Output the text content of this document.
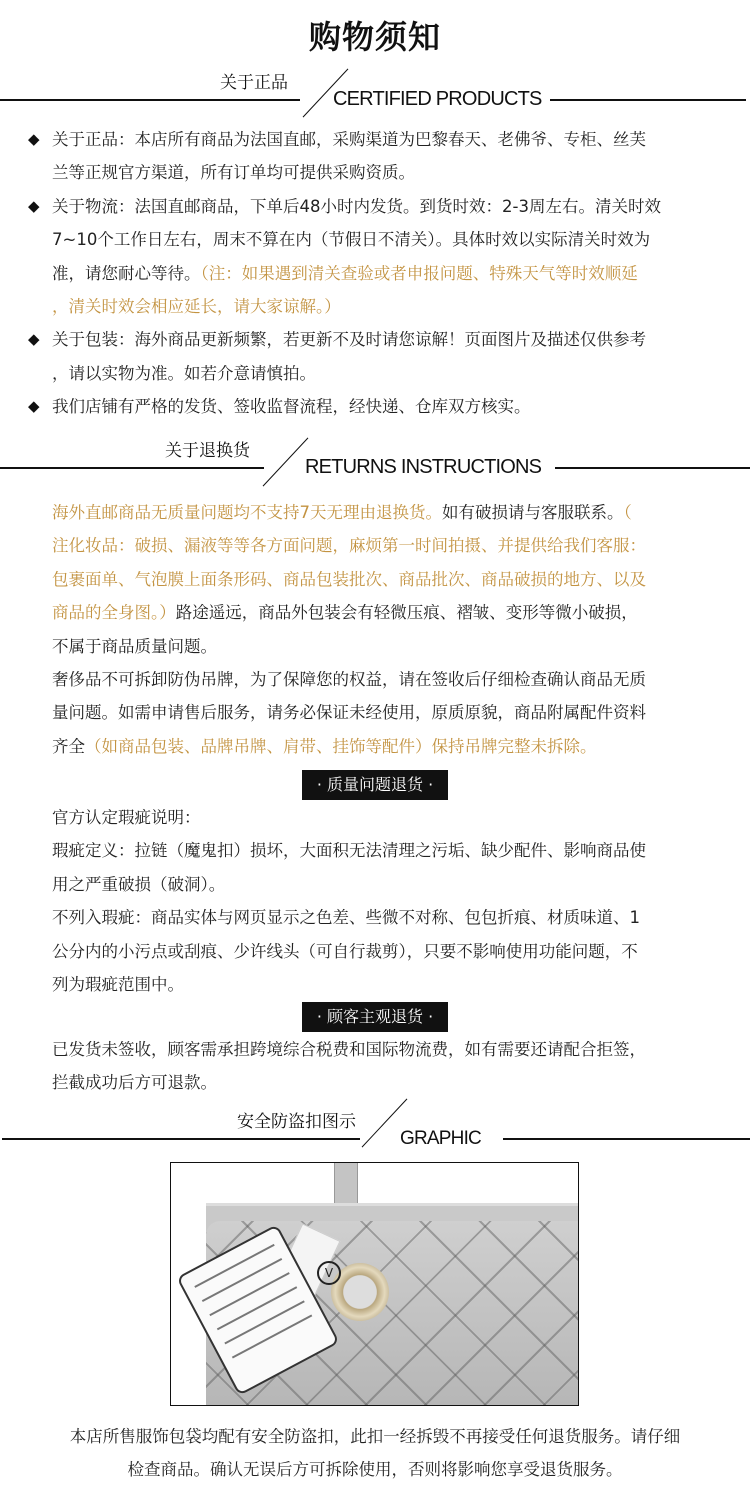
购物须知
关于正品
CERTIFIED PRODUCTS
◆ 关于正品：本店所有商品为法国直邮，采购渠道为巴黎春天、老佛爷、专柜、丝芙
兰等正规官方渠道，所有订单均可提供采购资质。
◆ 关于物流：法国直邮商品，下单后48小时内发货。到货时效：2-3周左右。清关时效
7~10个工作日左右，周末不算在内（节假日不清关）。具体时效以实际清关时效为
准，请您耐心等待。（注：如果遇到清关查验或者申报问题、特殊天气等时效顺延
，清关时效会相应延长，请大家谅解。）
◆ 关于包装：海外商品更新频繁，若更新不及时请您谅解！页面图片及描述仅供参考
，请以实物为准。如若介意请慎拍。
◆ 我们店铺有严格的发货、签收监督流程，经快递、仓库双方核实。
关于退换货
RETURNS INSTRUCTIONS
海外直邮商品无质量问题均不支持7天无理由退换货。如有破损请与客服联系。（
注化妆品：破损、漏液等等各方面问题，麻烦第一时间拍摄、并提供给我们客服：
包裹面单、气泡膜上面条形码、商品包装批次、商品批次、商品破损的地方、以及
商品的全身图。）路途遥远，商品外包装会有轻微压痕、褶皱、变形等微小破损，
不属于商品质量问题。
奢侈品不可拆卸防伪吊牌，为了保障您的权益，请在签收后仔细检查确认商品无质
量问题。如需申请售后服务，请务必保证未经使用，原质原貌，商品附属配件资料
齐全（如商品包装、品牌吊牌、肩带、挂饰等配件）保持吊牌完整未拆除。
· 质量问题退货 ·
官方认定瑕疵说明：
瑕疵定义：拉链（魔鬼扣）损坏，大面积无法清理之污垢、缺少配件、影响商品使
用之严重破损（破洞）。
不列入瑕疵：商品实体与网页显示之色差、些微不对称、包包折痕、材质味道、1
公分内的小污点或刮痕、少许线头（可自行裁剪），只要不影响使用功能问题，不
列为瑕疵范围中。
· 顾客主观退货 ·
已发货未签收，顾客需承担跨境综合税费和国际物流费，如有需要还请配合拒签，
拦截成功后方可退款。
安全防盗扣图示
GRAPHIC
V
本店所售服饰包袋均配有安全防盗扣，此扣一经拆毁不再接受任何退货服务。请仔细
检查商品。确认无误后方可拆除使用，否则将影响您享受退货服务。
